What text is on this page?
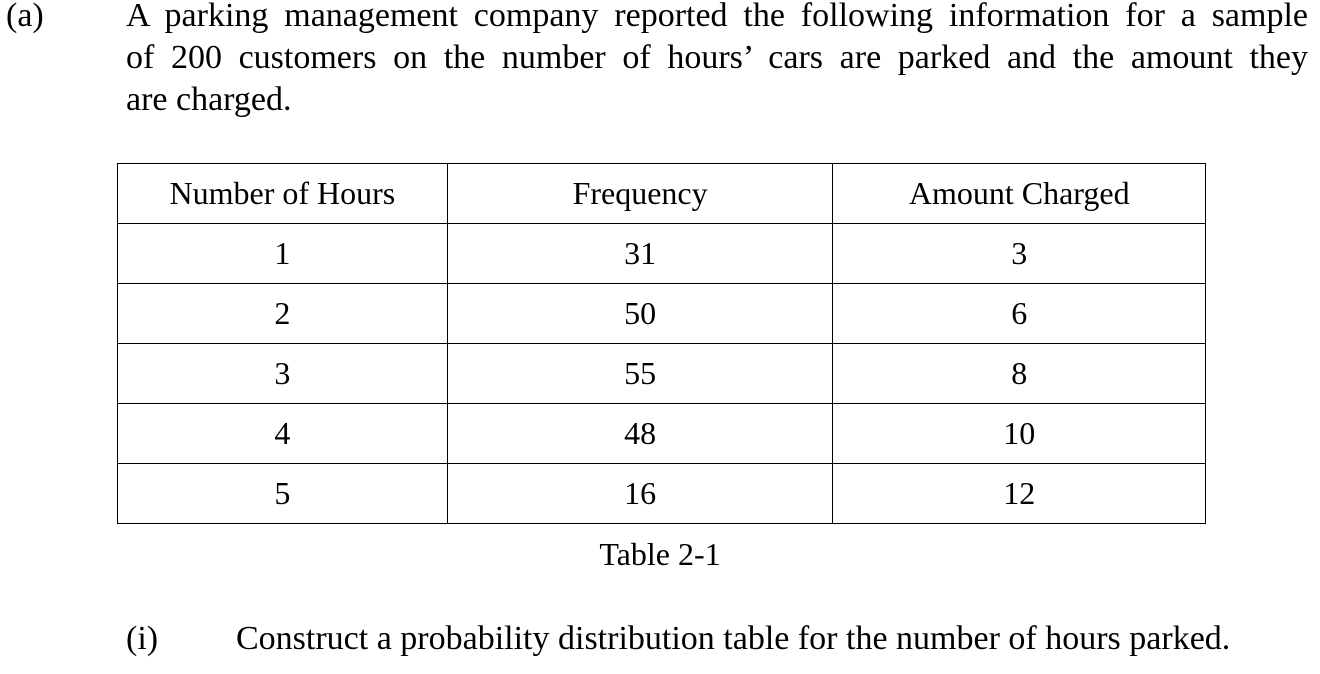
(a) A parking management company reported the following information for a sample
of 200 customers on the number of hours’ cars are parked and the amount they
are charged.
Number of Hours	Frequency	Amount Charged
1	31	3
2	50	6
3	55	8
4	48	10
5	16	12
Table 2-1
(i) Construct a probability distribution table for the number of hours parked.
